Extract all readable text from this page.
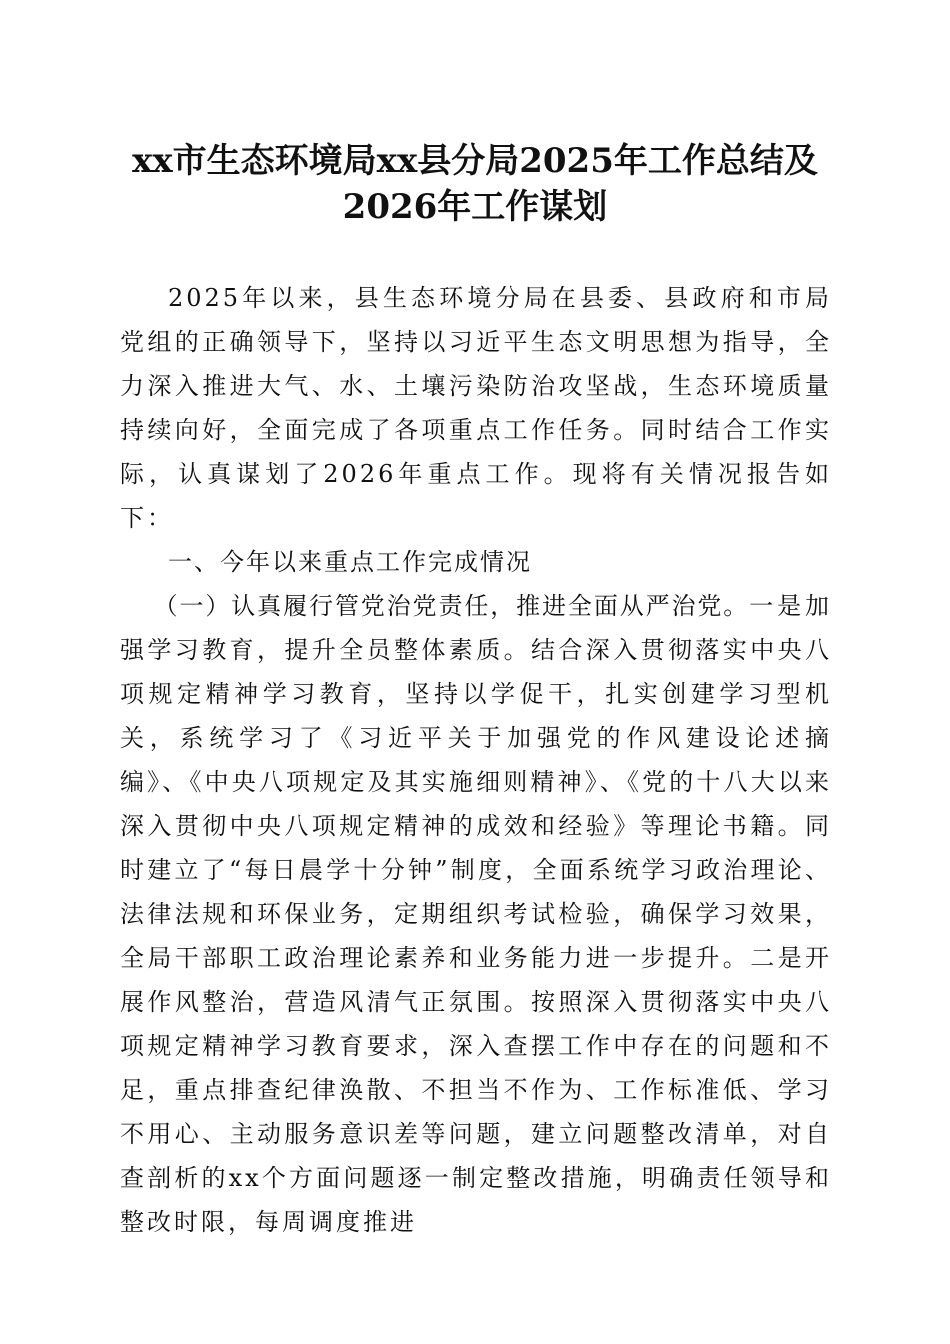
xx市生态环境局xx县分局2025年工作总结及
2026年工作谋划

2025年以来，县生态环境分局在县委、县政府和市局党组的正确领导下，坚持以习近平生态文明思想为指导，全力深入推进大气、水、土壤污染防治攻坚战，生态环境质量持续向好，全面完成了各项重点工作任务。同时结合工作实际，认真谋划了2026年重点工作。现将有关情况报告如下：

一、今年以来重点工作完成情况

（一）认真履行管党治党责任，推进全面从严治党。一是加强学习教育，提升全员整体素质。结合深入贯彻落实中央八项规定精神学习教育，坚持以学促干，扎实创建学习型机关，系统学习了《习近平关于加强党的作风建设论述摘编》、《中央八项规定及其实施细则精神》、《党的十八大以来深入贯彻中央八项规定精神的成效和经验》等理论书籍。同时建立了“每日晨学十分钟”制度，全面系统学习政治理论、法律法规和环保业务，定期组织考试检验，确保学习效果，全局干部职工政治理论素养和业务能力进一步提升。二是开展作风整治，营造风清气正氛围。按照深入贯彻落实中央八项规定精神学习教育要求，深入查摆工作中存在的问题和不足，重点排查纪律涣散、不担当不作为、工作标准低、学习不用心、主动服务意识差等问题，建立问题整改清单，对自查剖析的xx个方面问题逐一制定整改措施，明确责任领导和整改时限，每周调度推进
